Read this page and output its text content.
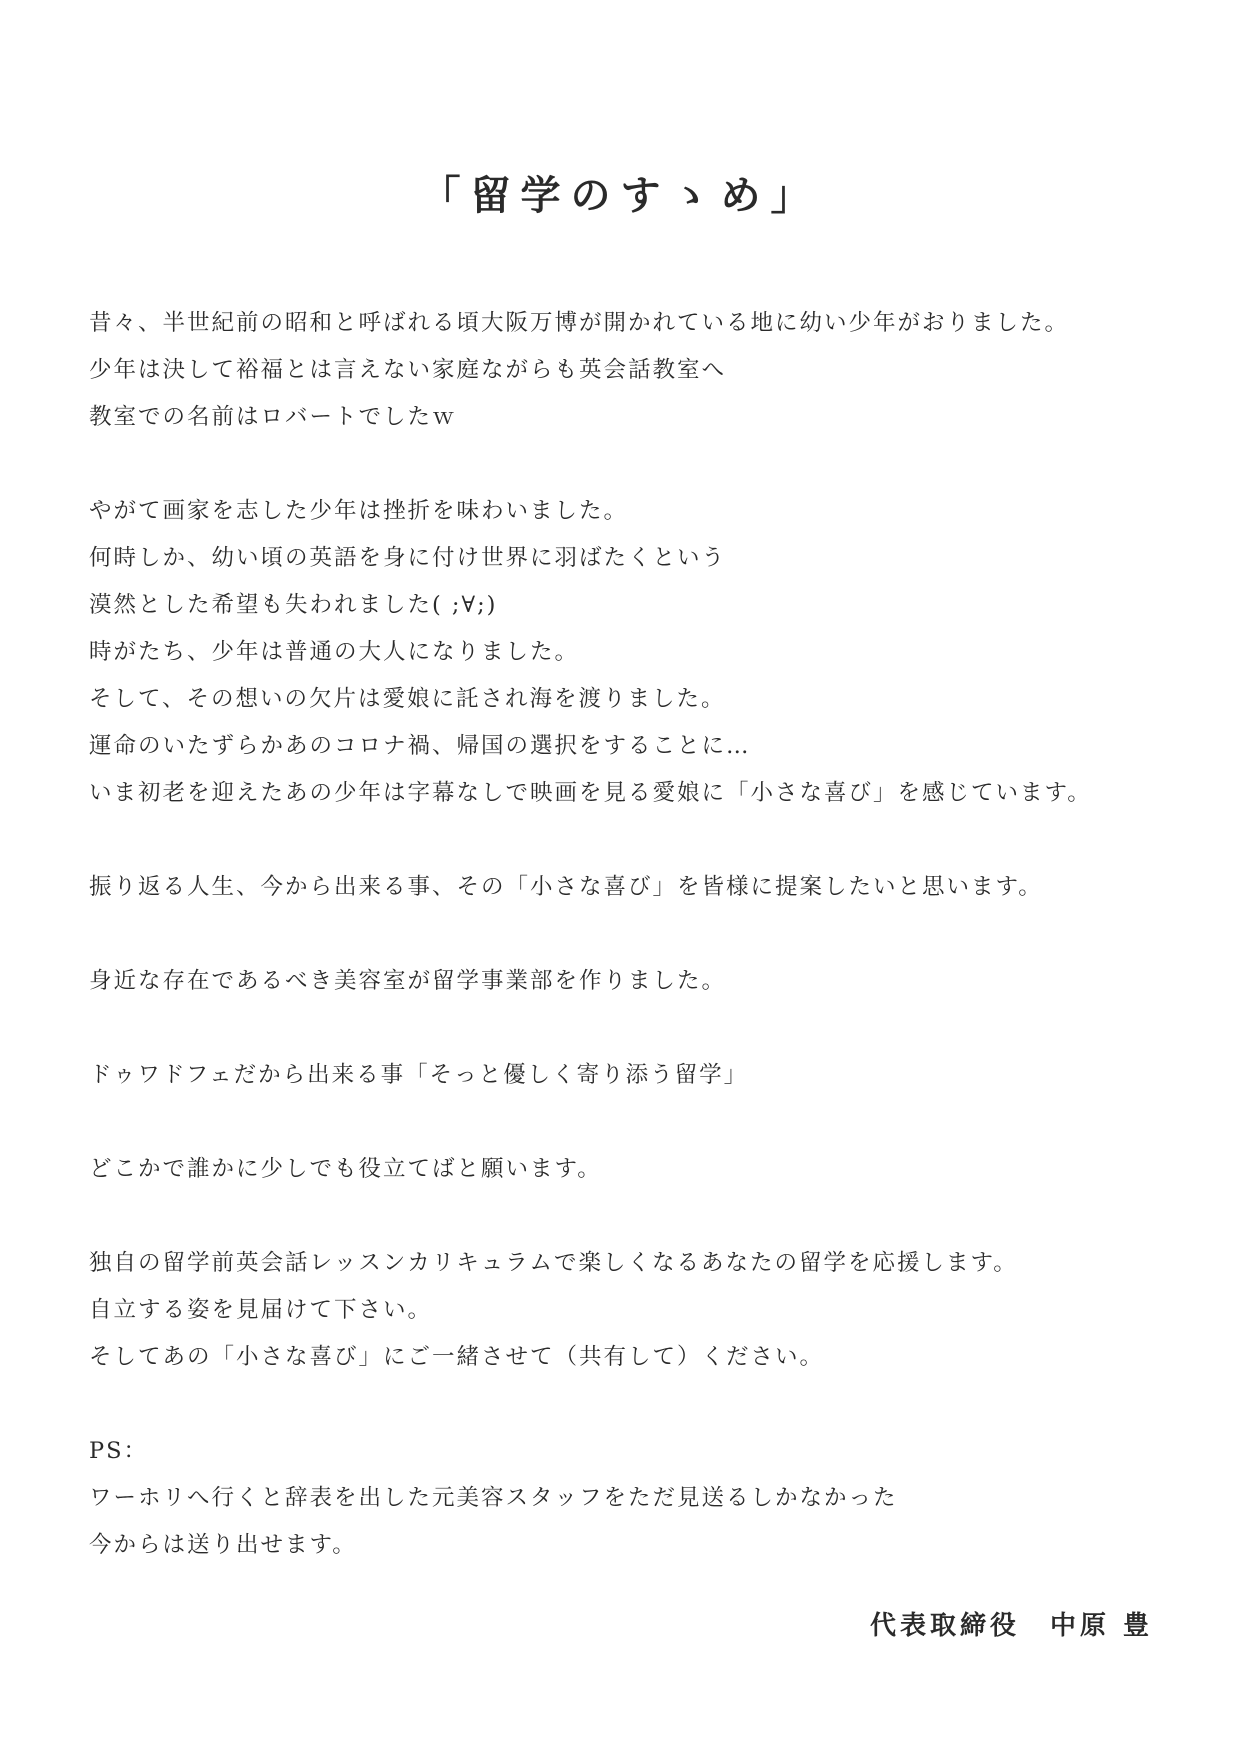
「留学のすゝめ」
昔々、半世紀前の昭和と呼ばれる頃大阪万博が開かれている地に幼い少年がおりました。
少年は決して裕福とは言えない家庭ながらも英会話教室へ
教室での名前はロバートでしたｗ
やがて画家を志した少年は挫折を味わいました。
何時しか、幼い頃の英語を身に付け世界に羽ばたくという
漠然とした希望も失われました( ;∀;)
時がたち、少年は普通の大人になりました。
そして、その想いの欠片は愛娘に託され海を渡りました。
運命のいたずらかあのコロナ禍、帰国の選択をすることに…
いま初老を迎えたあの少年は字幕なしで映画を見る愛娘に「小さな喜び」を感じています。
振り返る人生、今から出来る事、その「小さな喜び」を皆様に提案したいと思います。
身近な存在であるべき美容室が留学事業部を作りました。
ドゥワドフェだから出来る事「そっと優しく寄り添う留学」
どこかで誰かに少しでも役立てばと願います。
独自の留学前英会話レッスンカリキュラムで楽しくなるあなたの留学を応援します。
自立する姿を見届けて下さい。
そしてあの「小さな喜び」にご一緒させて（共有して）ください。
PS：
ワーホリへ行くと辞表を出した元美容スタッフをただ見送るしかなかった
今からは送り出せます。
代表取締役　中原 豊
